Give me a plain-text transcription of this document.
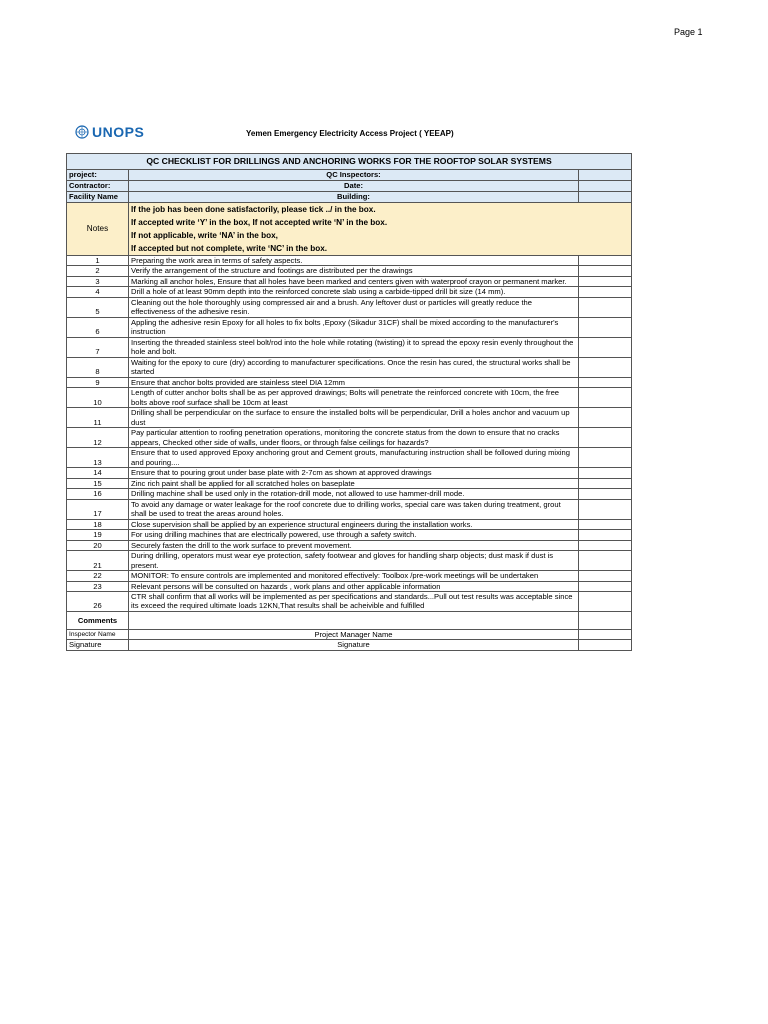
Page 1
UNOPS	Yemen Emergency Electricity Access Project ( YEEAP)
QC CHECKLIST FOR DRILLINGS AND ANCHORING WORKS FOR THE ROOFTOP SOLAR SYSTEMS		
project:	QC Inspectors:	
Contractor:	Date:	
Facility Name	Building:	
Notes	If the job has been done satisfactorily, please tick ../ in the box.
If accepted write ‘Y’ in the box, If not accepted write ‘N’ in the box.
If not applicable, write ‘NA’ in the box,
If accepted but not complete, write ‘NC’ in the box.	

1	Preparing the work area in terms of safety aspects.	
2	Verify the arrangement of the structure and footings are distributed per the drawings	
3	Marking all anchor holes, Ensure that all holes have been marked and centers given with waterproof crayon or permanent marker.	
4	Drill a hole of at least 90mm depth into the reinforced concrete slab using a carbide-tipped drill bit size (14 mm).	
5	Cleaning out the hole thoroughly using compressed air and a brush. Any leftover dust or particles will greatly reduce the effectiveness of the adhesive resin.	
6	Appling the adhesive resin Epoxy for all holes to fix bolts ,Epoxy (Sikadur 31CF) shall be mixed according to the manufacturer's instruction	
7	Inserting the threaded stainless steel bolt/rod into the hole while rotating (twisting) it to spread the epoxy resin evenly throughout the hole and bolt.	
8	Waiting for the epoxy to cure (dry) according to manufacturer specifications. Once the resin has cured, the structural works shall be started	
9	Ensure that anchor bolts provided are stainless steel DIA 12mm	
10	Length of cutter anchor bolts shall be as per approved drawings; Bolts will penetrate the reinforced concrete with 10cm, the free bolts above roof surface shall be 10cm at least	
11	Drilling shall be perpendicular on the surface to ensure the installed bolts will be perpendicular, Drill a holes anchor and vacuum up dust	
12	Pay particular attention to roofing penetration operations, monitoring the concrete status from the down to ensure that no cracks appears, Checked other side of walls, under floors, or through false ceilings for hazards?	
13	Ensure that to used approved Epoxy anchoring grout and Cement grouts, manufacturing instruction shall be followed during mixing and pouring....	
14	Ensure that to pouring grout under base plate with 2-7cm as shown at approved drawings	
15	Zinc rich paint shall be applied for all scratched holes on baseplate	
16	Drilling machine shall be used only in the rotation-drill mode, not allowed to use hammer-drill mode.	
17	To avoid any damage or water leakage for the roof concrete due to drilling works, special care was taken during treatment, grout shall be used to treat the areas around holes.	
18	Close supervision shall be applied by an experience structural engineers during the installation works.	
19	For using drilling machines that are electrically powered, use through a safety switch.	
20	Securely fasten the drill to the work surface to prevent movement.	
21	During drilling, operators must wear eye protection, safety footwear and gloves for handling sharp objects; dust mask if dust is present.	
22	MONITOR: To ensure controls are implemented and monitored effectively: Toolbox /pre-work meetings will be undertaken	
23	Relevant persons will be consulted on hazards , work plans and other applicable information	
26	CTR shall confirm that all works will be implemented as per specifications and standards...Pull out test results was acceptable since its exceed the required ultimate loads 12KN,That results shall be acheivible and fulfilled	
Comments		
Inspector Name	Project Manager Name	
Signature	Signature	
